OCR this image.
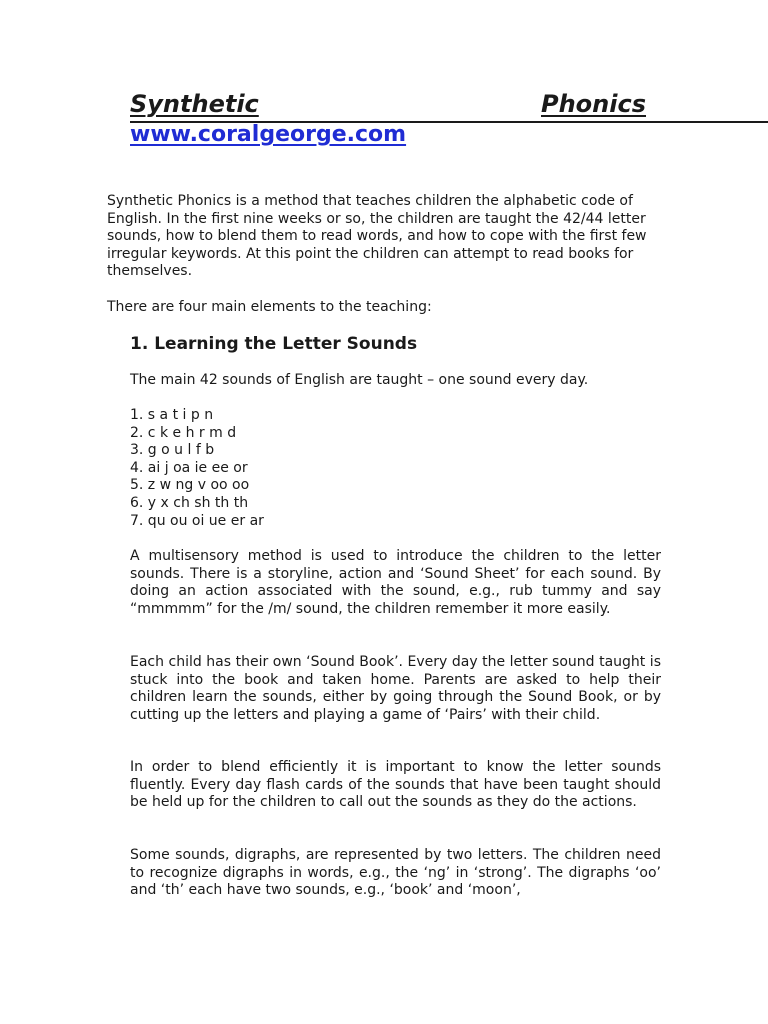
Synthetic	Phonics
www.coralgeorge.com

Synthetic Phonics is a method that teaches children the alphabetic code of English. In the first nine weeks or so, the children are taught the 42/44 letter sounds, how to blend them to read words, and how to cope with the first few irregular keywords. At this point the children can attempt to read books for themselves.

There are four main elements to the teaching:

1. Learning the Letter Sounds

The main 42 sounds of English are taught – one sound every day.

1. s a t i p n
2. c k e h r m d
3. g o u l f b
4. ai j oa ie ee or
5. z w ng v oo oo
6. y x ch sh th th
7. qu ou oi ue er ar

A multisensory method is used to introduce the children to the letter sounds. There is a storyline, action and ‘Sound Sheet’ for each sound. By doing an action associated with the sound, e.g., rub tummy and say “mmmmm” for the /m/ sound, the children remember it more easily.

Each child has their own ‘Sound Book’. Every day the letter sound taught is stuck into the book and taken home. Parents are asked to help their children learn the sounds, either by going through the Sound Book, or by cutting up the letters and playing a game of ‘Pairs’ with their child.

In order to blend efficiently it is important to know the letter sounds fluently. Every day flash cards of the sounds that have been taught should be held up for the children to call out the sounds as they do the actions.

Some sounds, digraphs, are represented by two letters. The children need to recognize digraphs in words, e.g., the ‘ng’ in ‘strong’. The digraphs ‘oo’ and ‘th’ each have two sounds, e.g., ‘book’ and ‘moon’,
